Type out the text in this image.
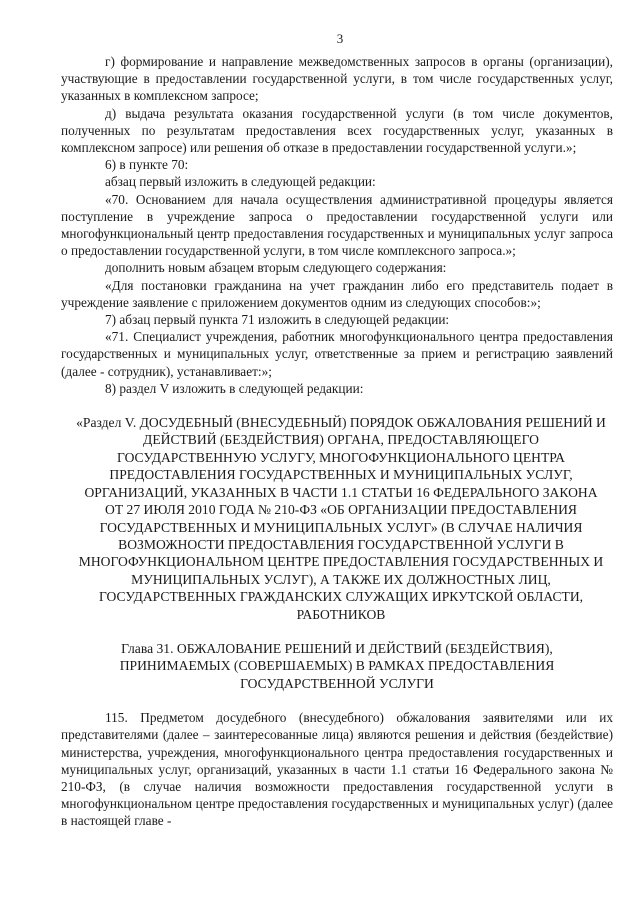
3

г) формирование и направление межведомственных запросов в органы (организации), участвующие в предоставлении государственной услуги, в том числе государственных услуг, указанных в комплексном запросе;

д) выдача результата оказания государственной услуги (в том числе документов, полученных по результатам предоставления всех государственных услуг, указанных в комплексном запросе) или решения об отказе в предоставлении государственной услуги.»;

6) в пункте 70:

абзац первый изложить в следующей редакции:

«70. Основанием для начала осуществления административной процедуры является поступление в учреждение запроса о предоставлении государственной услуги или многофункциональный центр предоставления государственных и муниципальных услуг запроса о предоставлении государственной услуги, в том числе комплексного запроса.»;

дополнить новым абзацем вторым следующего содержания:

«Для постановки гражданина на учет гражданин либо его представитель подает в учреждение заявление с приложением документов одним из следующих способов:»;

7) абзац первый пункта 71 изложить в следующей редакции:

«71. Специалист учреждения, работник многофункционального центра предоставления государственных и муниципальных услуг, ответственные за прием и регистрацию заявлений (далее - сотрудник), устанавливает:»;

8) раздел V изложить в следующей редакции:

«Раздел V. ДОСУДЕБНЫЙ (ВНЕСУДЕБНЫЙ) ПОРЯДОК ОБЖАЛОВАНИЯ РЕШЕНИЙ И ДЕЙСТВИЙ (БЕЗДЕЙСТВИЯ) ОРГАНА, ПРЕДОСТАВЛЯЮЩЕГО ГОСУДАРСТВЕННУЮ УСЛУГУ, МНОГОФУНКЦИОНАЛЬНОГО ЦЕНТРА ПРЕДОСТАВЛЕНИЯ ГОСУДАРСТВЕННЫХ И МУНИЦИПАЛЬНЫХ УСЛУГ, ОРГАНИЗАЦИЙ, УКАЗАННЫХ В ЧАСТИ 1.1 СТАТЬИ 16 ФЕДЕРАЛЬНОГО ЗАКОНА ОТ 27 ИЮЛЯ 2010 ГОДА № 210-ФЗ «ОБ ОРГАНИЗАЦИИ ПРЕДОСТАВЛЕНИЯ ГОСУДАРСТВЕННЫХ И МУНИЦИПАЛЬНЫХ УСЛУГ» (В СЛУЧАЕ НАЛИЧИЯ ВОЗМОЖНОСТИ ПРЕДОСТАВЛЕНИЯ ГОСУДАРСТВЕННОЙ УСЛУГИ В МНОГОФУНКЦИОНАЛЬНОМ ЦЕНТРЕ ПРЕДОСТАВЛЕНИЯ ГОСУДАРСТВЕННЫХ И МУНИЦИПАЛЬНЫХ УСЛУГ), А ТАКЖЕ ИХ ДОЛЖНОСТНЫХ ЛИЦ, ГОСУДАРСТВЕННЫХ ГРАЖДАНСКИХ СЛУЖАЩИХ ИРКУТСКОЙ ОБЛАСТИ, РАБОТНИКОВ

Глава 31. ОБЖАЛОВАНИЕ РЕШЕНИЙ И ДЕЙСТВИЙ (БЕЗДЕЙСТВИЯ), ПРИНИМАЕМЫХ (СОВЕРШАЕМЫХ) В РАМКАХ ПРЕДОСТАВЛЕНИЯ ГОСУДАРСТВЕННОЙ УСЛУГИ

115. Предметом досудебного (внесудебного) обжалования заявителями или их представителями (далее – заинтересованные лица) являются решения и действия (бездействие) министерства, учреждения, многофункционального центра предоставления государственных и муниципальных услуг, организаций, указанных в части 1.1 статьи 16 Федерального закона № 210-ФЗ, (в случае наличия возможности предоставления государственной услуги в многофункциональном центре предоставления государственных и муниципальных услуг) (далее в настоящей главе -
